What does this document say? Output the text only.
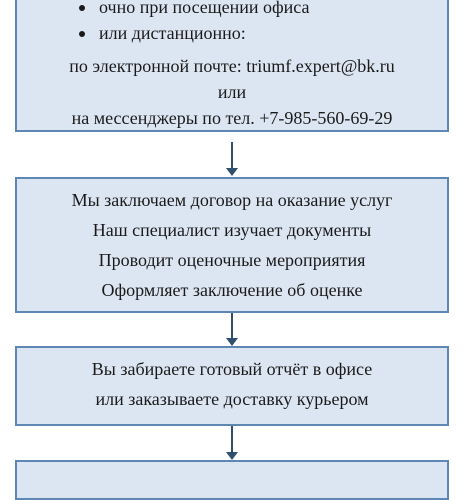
очно при посещении офиса
или дистанционно:
по электронной почте: triumf.expert@bk.ru
или
на мессенджеры по тел. +7-985-560-69-29
Мы заключаем договор на оказание услуг
Наш специалист изучает документы
Проводит оценочные мероприятия
Оформляет заключение об оценке
Вы забираете готовый отчёт в офисе
или заказываете доставку курьером
